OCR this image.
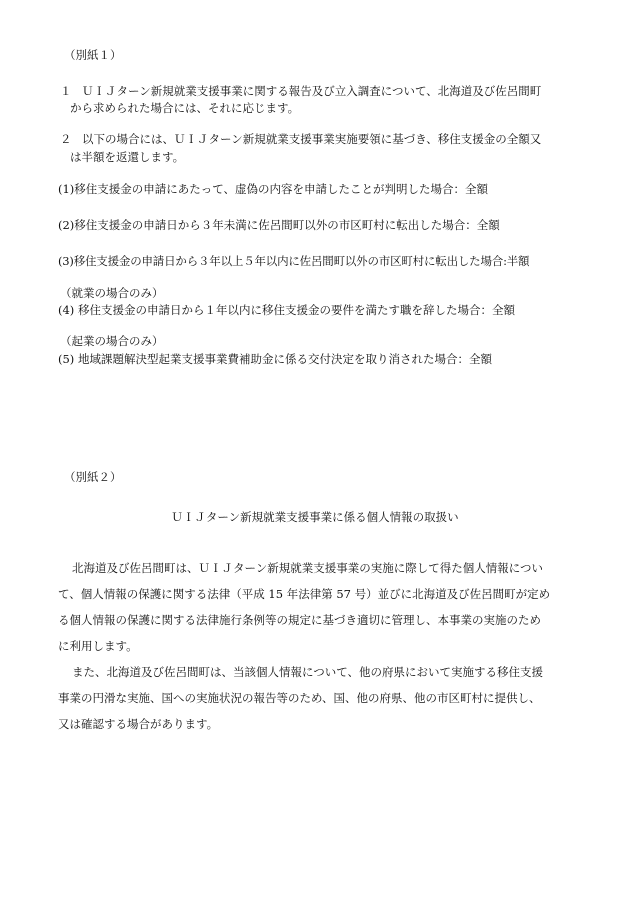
（別紙１）
１ ＵＩＪターン新規就業支援事業に関する報告及び立入調査について、北海道及び佐呂間町
から求められた場合には、それに応じます。
２ 以下の場合には、ＵＩＪターン新規就業支援事業実施要領に基づき、移住支援金の全額又
は半額を返還します。
(1)移住支援金の申請にあたって、虚偽の内容を申請したことが判明した場合：全額
(2)移住支援金の申請日から３年未満に佐呂間町以外の市区町村に転出した場合：全額
(3)移住支援金の申請日から３年以上５年以内に佐呂間町以外の市区町村に転出した場合:半額
（就業の場合のみ）
(4) 移住支援金の申請日から１年以内に移住支援金の要件を満たす職を辞した場合：全額
（起業の場合のみ）
(5) 地域課題解決型起業支援事業費補助金に係る交付決定を取り消された場合：全額
（別紙２）
ＵＩＪターン新規就業支援事業に係る個人情報の取扱い
北海道及び佐呂間町は、ＵＩＪターン新規就業支援事業の実施に際して得た個人情報につい
て、個人情報の保護に関する法律（平成 15 年法律第 57 号）並びに北海道及び佐呂間町が定め
る個人情報の保護に関する法律施行条例等の規定に基づき適切に管理し、本事業の実施のため
に利用します。
また、北海道及び佐呂間町は、当該個人情報について、他の府県において実施する移住支援
事業の円滑な実施、国への実施状況の報告等のため、国、他の府県、他の市区町村に提供し、
又は確認する場合があります。
